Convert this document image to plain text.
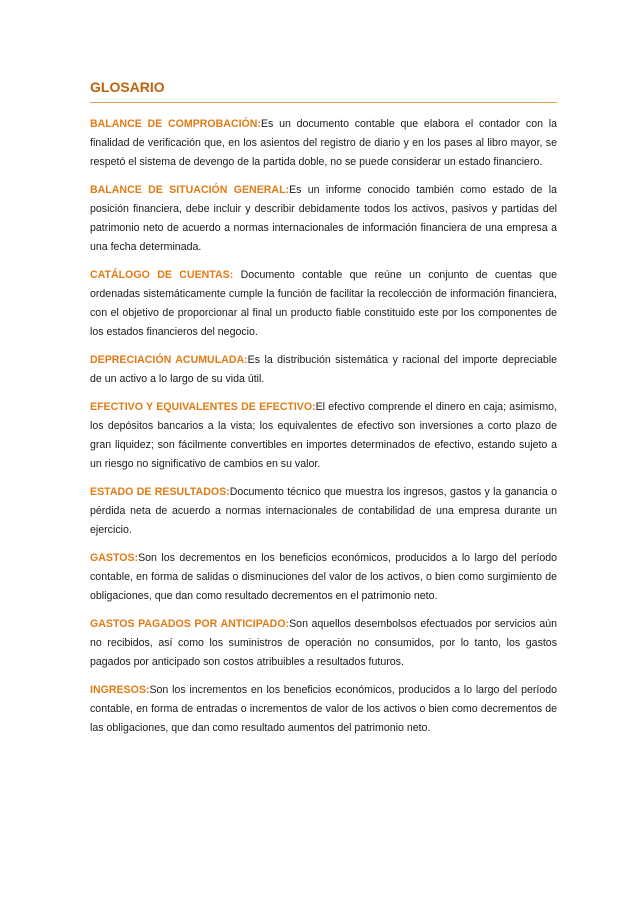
GLOSARIO

BALANCE DE COMPROBACIÓN:Es un documento contable que elabora el contador con la finalidad de verificación que, en los asientos del registro de diario y en los pases al libro mayor, se respetó el sistema de devengo de la partida doble, no se puede considerar un estado financiero.

BALANCE DE SITUACIÓN GENERAL:Es un informe conocido también como estado de la posición financiera, debe incluir y describir debidamente todos los activos, pasivos y partidas del patrimonio neto de acuerdo a normas internacionales de información financiera de una empresa a una fecha determinada.

CATÁLOGO DE CUENTAS: Documento contable que reúne un conjunto de cuentas que ordenadas sistemáticamente cumple la función de facilitar la recolección de información financiera, con el objetivo de proporcionar al final un producto fiable constituido este por los componentes de los estados financieros del negocio.

DEPRECIACIÓN ACUMULADA:Es la distribución sistemática y racional del importe depreciable de un activo a lo largo de su vida útil.

EFECTIVO Y EQUIVALENTES DE EFECTIVO:El efectivo comprende el dinero en caja; asimismo, los depósitos bancarios a la vista; los equivalentes de efectivo son inversiones a corto plazo de gran liquidez; son fácilmente convertibles en importes determinados de efectivo, estando sujeto a un riesgo no significativo de cambios en su valor.

ESTADO DE RESULTADOS:Documento técnico que muestra los ingresos, gastos y la ganancia o pérdida neta de acuerdo a normas internacionales de contabilidad de una empresa durante un ejercicio.

GASTOS:Son los decrementos en los beneficios económicos, producidos a lo largo del período contable, en forma de salidas o disminuciones del valor de los activos, o bien como surgimiento de obligaciones, que dan como resultado decrementos en el patrimonio neto.

GASTOS PAGADOS POR ANTICIPADO:Son aquellos desembolsos efectuados por servicios aún no recibidos, así como los suministros de operación no consumidos, por lo tanto, los gastos pagados por anticipado son costos atribuibles a resultados futuros.

INGRESOS:Son los incrementos en los beneficios económicos, producidos a lo largo del período contable, en forma de entradas o incrementos de valor de los activos o bien como decrementos de las obligaciones, que dan como resultado aumentos del patrimonio neto.
